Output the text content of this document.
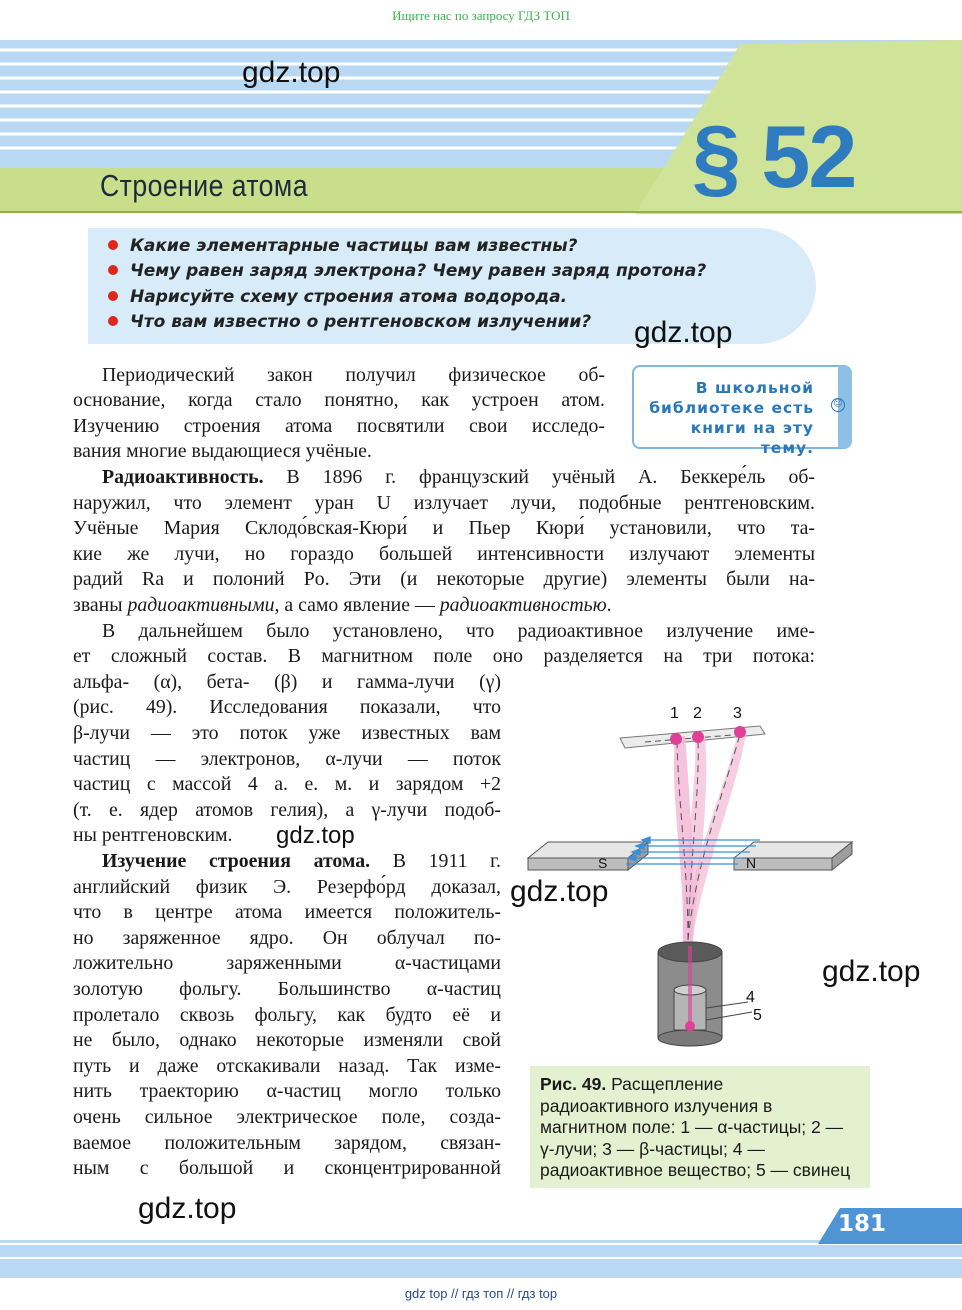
Ищите нас по запросу ГДЗ ТОП
Строение атома	§ 52
gdz.top
Какие элементарные частицы вам известны?
Чему равен заряд электрона? Чему равен заряд протона?
Нарисуйте схему строения атома водорода.
Что вам известно о рентгеновском излучении? gdz.top
В школьной
библиотеке есть
книги на эту тему.
☺
Периодический закон получил физическое об-
основание, когда стало понятно, как устроен атом.
Изучению строения атома посвятили свои исследо-
вания многие выдающиеся учёные.
Радиоактивность. В 1896 г. французский учёный А. Беккере́ль об-
наружил, что элемент уран U излучает лучи, подобные рентгеновским.
Учёные Мария Склодо́вская-Кюри́ и Пьер Кюри́ установили, что та-
кие же лучи, но гораздо большей интенсивности излучают элементы
радий Ra и полоний Po. Эти (и некоторые другие) элементы были на-
званы радиоактивными, а само явление — радиоактивностью.
В дальнейшем было установлено, что радиоактивное излучение име-
ет сложный состав. В магнитном поле оно разделяется на три потока:
альфа- (α), бета- (β) и гамма-лучи (γ)
(рис. 49). Исследования показали, что
β-лучи — это поток уже известных вам
частиц — электронов, α-лучи — поток
частиц с массой 4 а. е. м. и зарядом +2
(т. е. ядер атомов гелия), а γ-лучи подоб-
ны рентгеновским.	gdz.top
Изучение строения атома. В 1911 г.
английский физик Э. Резерфо́рд доказал,
что в центре атома имеется положитель-
но заряженное ядро. Он облучал по-
ложительно заряженными α-частицами
золотую фольгу. Большинство α-частиц
пролетало сквозь фольгу, как будто её и
не было, однако некоторые изменяли свой
путь и даже отскакивали назад. Так изме-
нить траекторию α-частиц могло только
очень сильное электрическое поле, созда-
ваемое положительным зарядом, связан-
ным с большой и сконцентрированной
1 2 3
S	N
4
5
gdz.top
gdz.top
Рис. 49. Расщепление радиоактивного излучения в магнитном поле: 1 — α-частицы; 2 — γ-лучи; 3 — β-частицы; 4 — радиоактивное вещество; 5 — свинец
gdz.top	181
gdz top // гдз топ // гдз top
